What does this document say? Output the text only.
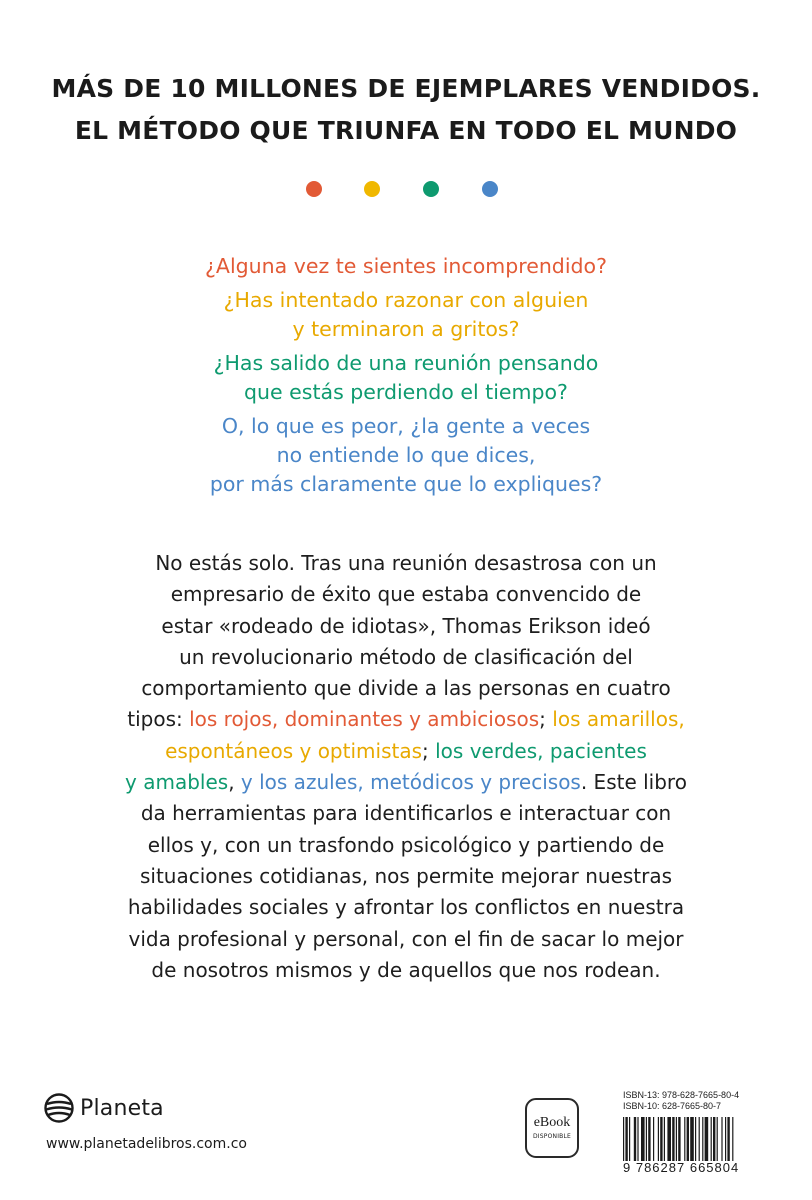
MÁS DE 10 MILLONES DE EJEMPLARES VENDIDOS.
EL MÉTODO QUE TRIUNFA EN TODO EL MUNDO
¿Alguna vez te sientes incomprendido?
¿Has intentado razonar con alguien
y terminaron a gritos?
¿Has salido de una reunión pensando
que estás perdiendo el tiempo?
O, lo que es peor, ¿la gente a veces
no entiende lo que dices,
por más claramente que lo expliques?
No estás solo. Tras una reunión desastrosa con un
empresario de éxito que estaba convencido de
estar «rodeado de idiotas», Thomas Erikson ideó
un revolucionario método de clasificación del
comportamiento que divide a las personas en cuatro
tipos: los rojos, dominantes y ambiciosos; los amarillos,
espontáneos y optimistas; los verdes, pacientes
y amables, y los azules, metódicos y precisos. Este libro
da herramientas para identificarlos e interactuar con
ellos y, con un trasfondo psicológico y partiendo de
situaciones cotidianas, nos permite mejorar nuestras
habilidades sociales y afrontar los conflictos en nuestra
vida profesional y personal, con el fin de sacar lo mejor
de nosotros mismos y de aquellos que nos rodean.
Planeta
www.planetadelibros.com.co
eBook
DISPONIBLE
ISBN-13: 978-628-7665-80-4
ISBN-10: 628-7665-80-7
9 786287 665804
